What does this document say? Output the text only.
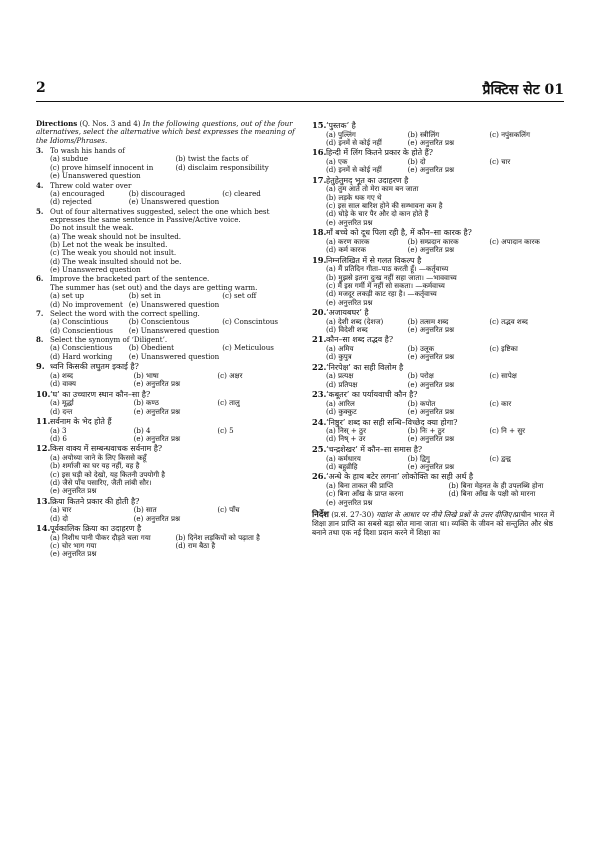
2	प्रैक्टिस सेट 01
Directions (Q. Nos. 3 and 4) In the following questions, out of the four alternatives, select the alternative which best expresses the meaning of the Idioms/Phrases.
3. To wash his hands of
(a) subdue	(b) twist the facts of
(c) prove himself innocent in	(d) disclaim responsibility
(e) Unanswered question
4. Threw cold water over
(a) encouraged	(b) discouraged	(c) cleared
(d) rejected	(e) Unanswered question
5. Out of four alternatives suggested, select the one which best expresses the same sentence in Passive/Active voice.
Do not insult the weak.
(a) The weak should not be insulted.
(b) Let not the weak be insulted.
(c) The weak you should not insult.
(d) The weak insulted should not be.
(e) Unanswered question
6. Improve the bracketed part of the sentence.
The summer has (set out) and the days are getting warm.
(a) set up	(b) set in	(c) set off
(d) No improvement (e) Unanswered question
7. Select the word with the correct spelling.
(a) Conscintious	(b) Conscientous	(c) Conscintous
(d) Conscientious	(e) Unanswered question
8. Select the synonym of ‘Diligent’.
(a) Conscientious	(b) Obedient	(c) Meticulous
(d) Hard working	(e) Unanswered question
9. ध्वनि किसकी लघुतम इकाई है?
(a) शब्द	(b) भाषा	(c) अक्षर
(d) वाक्य	(e) अनुत्तरित प्रश्न
10. ‘घ’ का उच्चारण स्थान कौन–सा है?
(a) मूर्द्धा	(b) कण्ठ	(c) तालु
(d) दन्त	(e) अनुत्तरित प्रश्न
11. सर्वनाम के भेद होते हैं
(a) 3	(b) 4	(c) 5
(d) 6	(e) अनुत्तरित प्रश्न
12. किस वाक्य में सम्बन्धवाचक सर्वनाम है?
(a) अयोध्या जाने के लिए किससे कहूँ
(b) शर्माजी का घर यह नहीं, वह है
(c) इस घड़ी को देखो, यह कितनी उपयोगी है
(d) जैसे पाँच पसारिए, जैती लांबी सौर।
(e) अनुत्तरित प्रश्न
13. क्रिया कितने प्रकार की होती है?
(a) चार	(b) सात	(c) पाँच
(d) दो	(e) अनुत्तरित प्रश्न
14. पूर्वकालिक क्रिया का उदाहरण है
(a) निशीथ पानी पीकर दौड़ते चला गया	(b) दिनेश लड़कियों को पढ़ाता है
(c) चोर भाग गया	(d) राम बैठा है
(e) अनुत्तरित प्रश्न
15. ‘पुस्तक’ है
(a) पुल्लिंग	(b) स्त्रीलिंग	(c) नपुंसकलिंग
(d) इनमें से कोई नहीं	(e) अनुत्तरित प्रश्न
16. हिन्दी में लिंग कितने प्रकार के होते हैं?
(a) एक	(b) दो	(c) चार
(d) इनमें से कोई नहीं	(e) अनुत्तरित प्रश्न
17. हेतुहेतुमद् भूत का उदाहरण है
(a) तुम आते तो मेरा काम बन जाता
(b) लड़के थक गए थे
(c) इस साल बारिश होने की सम्भावना कम है
(d) घोड़े के चार पैर और दो कान होते हैं
(e) अनुत्तरित प्रश्न
18. माँ बच्चे को दूध पिला रही है, में कौन–सा कारक है?
(a) करण कारक	(b) सम्प्रदान कारक	(c) अपादान कारक
(d) कर्म कारक	(e) अनुत्तरित प्रश्न
19. निम्नलिखित में से गलत विकल्प है
(a) मैं प्रतिदिन गीता–पाठ करती हूँ। —कर्तृवाच्य
(b) मुझसे इतना दुःख नहीं सहा जाता। —भाववाच्य
(c) मैं इस गर्मी में नहीं सो सकता। —कर्मवाच्य
(d) मजदूर लकड़ी काट रहा है। —कर्तृवाच्य
(e) अनुत्तरित प्रश्न
20. ‘अजायबघर’ है
(a) देशी शब्द (देशज)	(b) तत्सम शब्द	(c) तद्भव शब्द
(d) विदेशी शब्द	(e) अनुत्तरित प्रश्न
21. कौन–सा शब्द तद्भव है?
(a) अमिय	(b) उलूक	(c) इष्टिका
(d) कुपुत्र	(e) अनुत्तरित प्रश्न
22. ‘निरपेक्ष’ का सही विलोम है
(a) प्रत्यक्ष	(b) परोक्ष	(c) सापेक्ष
(d) प्रतिपक्ष	(e) अनुत्तरित प्रश्न
23. ‘कबूतर’ का पर्यायवाची कौन है?
(a) आरिल	(b) कपोत	(c) कार
(d) कुक्कुट	(e) अनुत्तरित प्रश्न
24. ‘निष्ठुर’ शब्द का सही सन्धि–विच्छेद क्या होगा?
(a) निस् + ठुर	(b) निः + ठुर	(c) नि + सुर
(d) निष् + उर	(e) अनुत्तरित प्रश्न
25. ‘चन्द्रशेखर’ में कौन–सा समास है?
(a) कर्मधारय	(b) द्विगु	(c) द्वन्द्व
(d) बहुव्रीहि	(e) अनुत्तरित प्रश्न
26. ‘अन्धे के हाथ बटेर लगना’ लोकोक्ति का सही अर्थ है
(a) बिना ताकत की प्राप्ति	(b) बिना मेहनत के ही उपलब्धि होना
(c) बिना आँख के प्राप्त करना	(d) बिना आँख के पक्षी को मारना
(e) अनुत्तरित प्रश्न
निर्देश (प्र.सं. 27-30) गद्यांश के आधार पर नीचे लिखे प्रश्नों के उत्तर दीजिए।प्राचीन भारत में शिक्षा ज्ञान प्राप्ति का सबसे बड़ा स्रोत माना जाता था। व्यक्ति के जीवन को सन्तुलित और श्रेष्ठ बनाने तथा एक नई दिशा प्रदान करने में शिक्षा का
